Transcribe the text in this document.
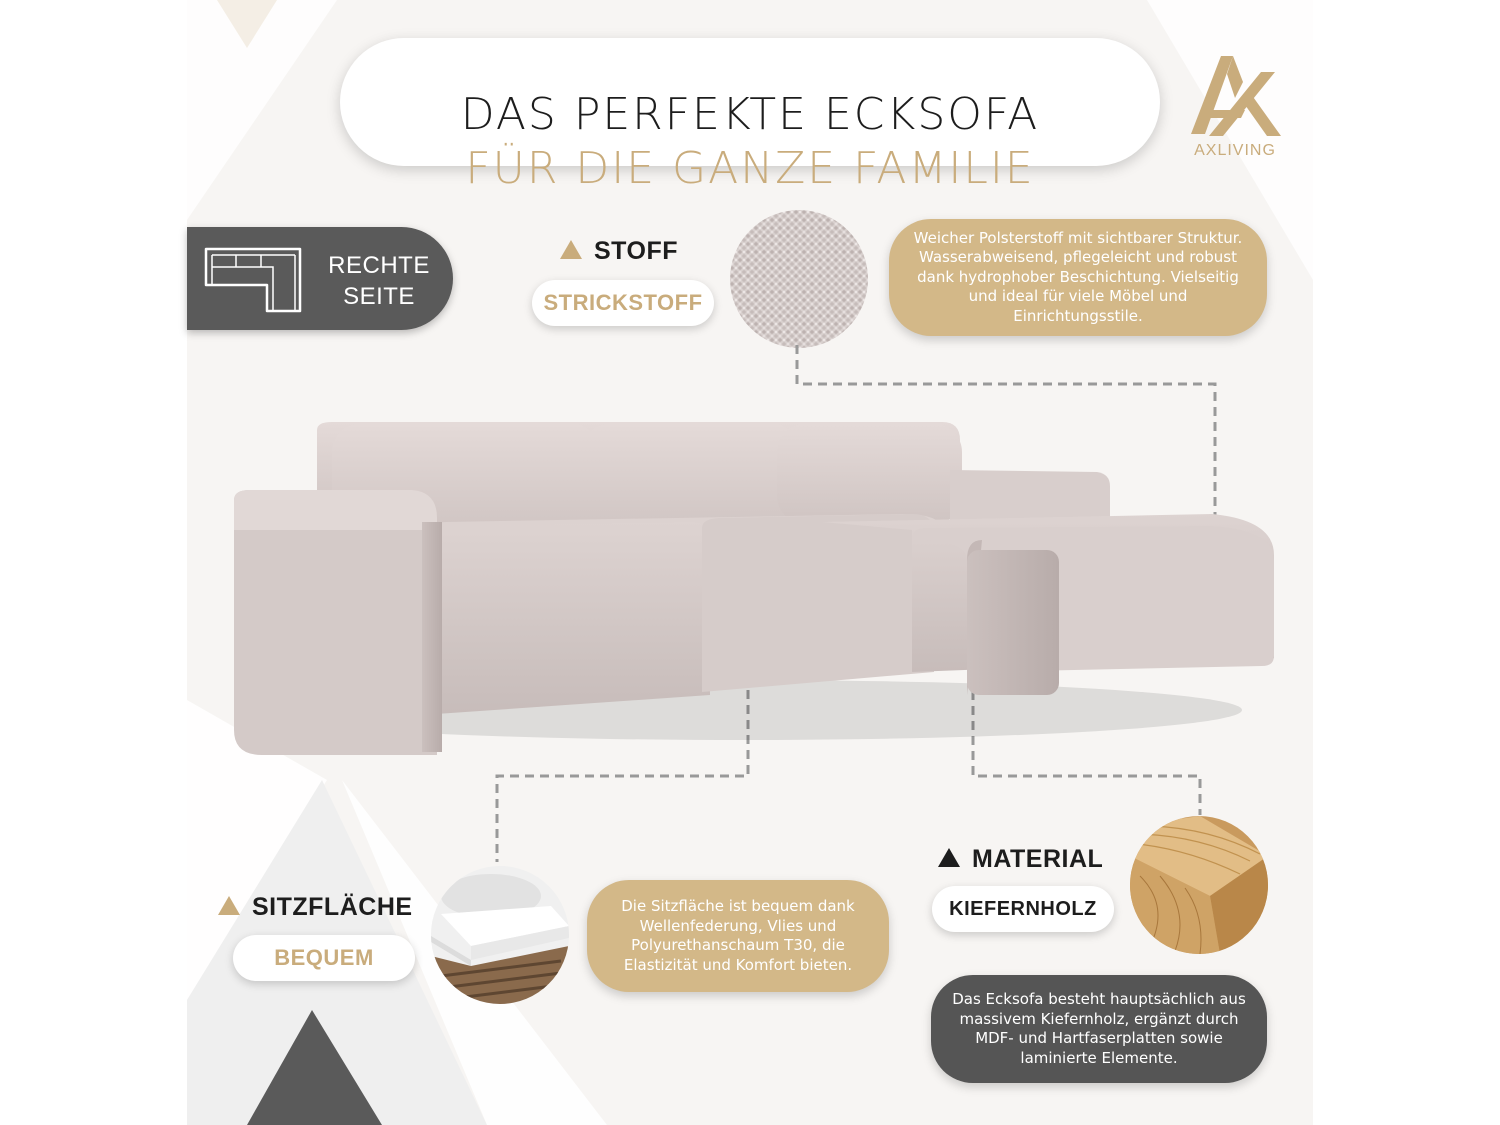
DAS PERFEKTE ECKSOFA
FÜR DIE GANZE FAMILIE	AXLIVING
RECHTE
SEITE
STOFF
STRICKSTOFF

Weicher Polsterstoff mit sichtbarer Struktur. Wasserabweisend, pflegeleicht und robust dank hydrophober Beschichtung. Vielseitig und ideal für viele Möbel und Einrichtungsstile.

SITZFLÄCHE
BEQUEM

Die Sitzfläche ist bequem dank Wellenfederung, Vlies und Polyurethanschaum T30, die Elastizität und Komfort bieten.

MATERIAL
KIEFERNHOLZ

Das Ecksofa besteht hauptsächlich aus massivem Kiefernholz, ergänzt durch MDF- und Hartfaserplatten sowie laminierte Elemente.
